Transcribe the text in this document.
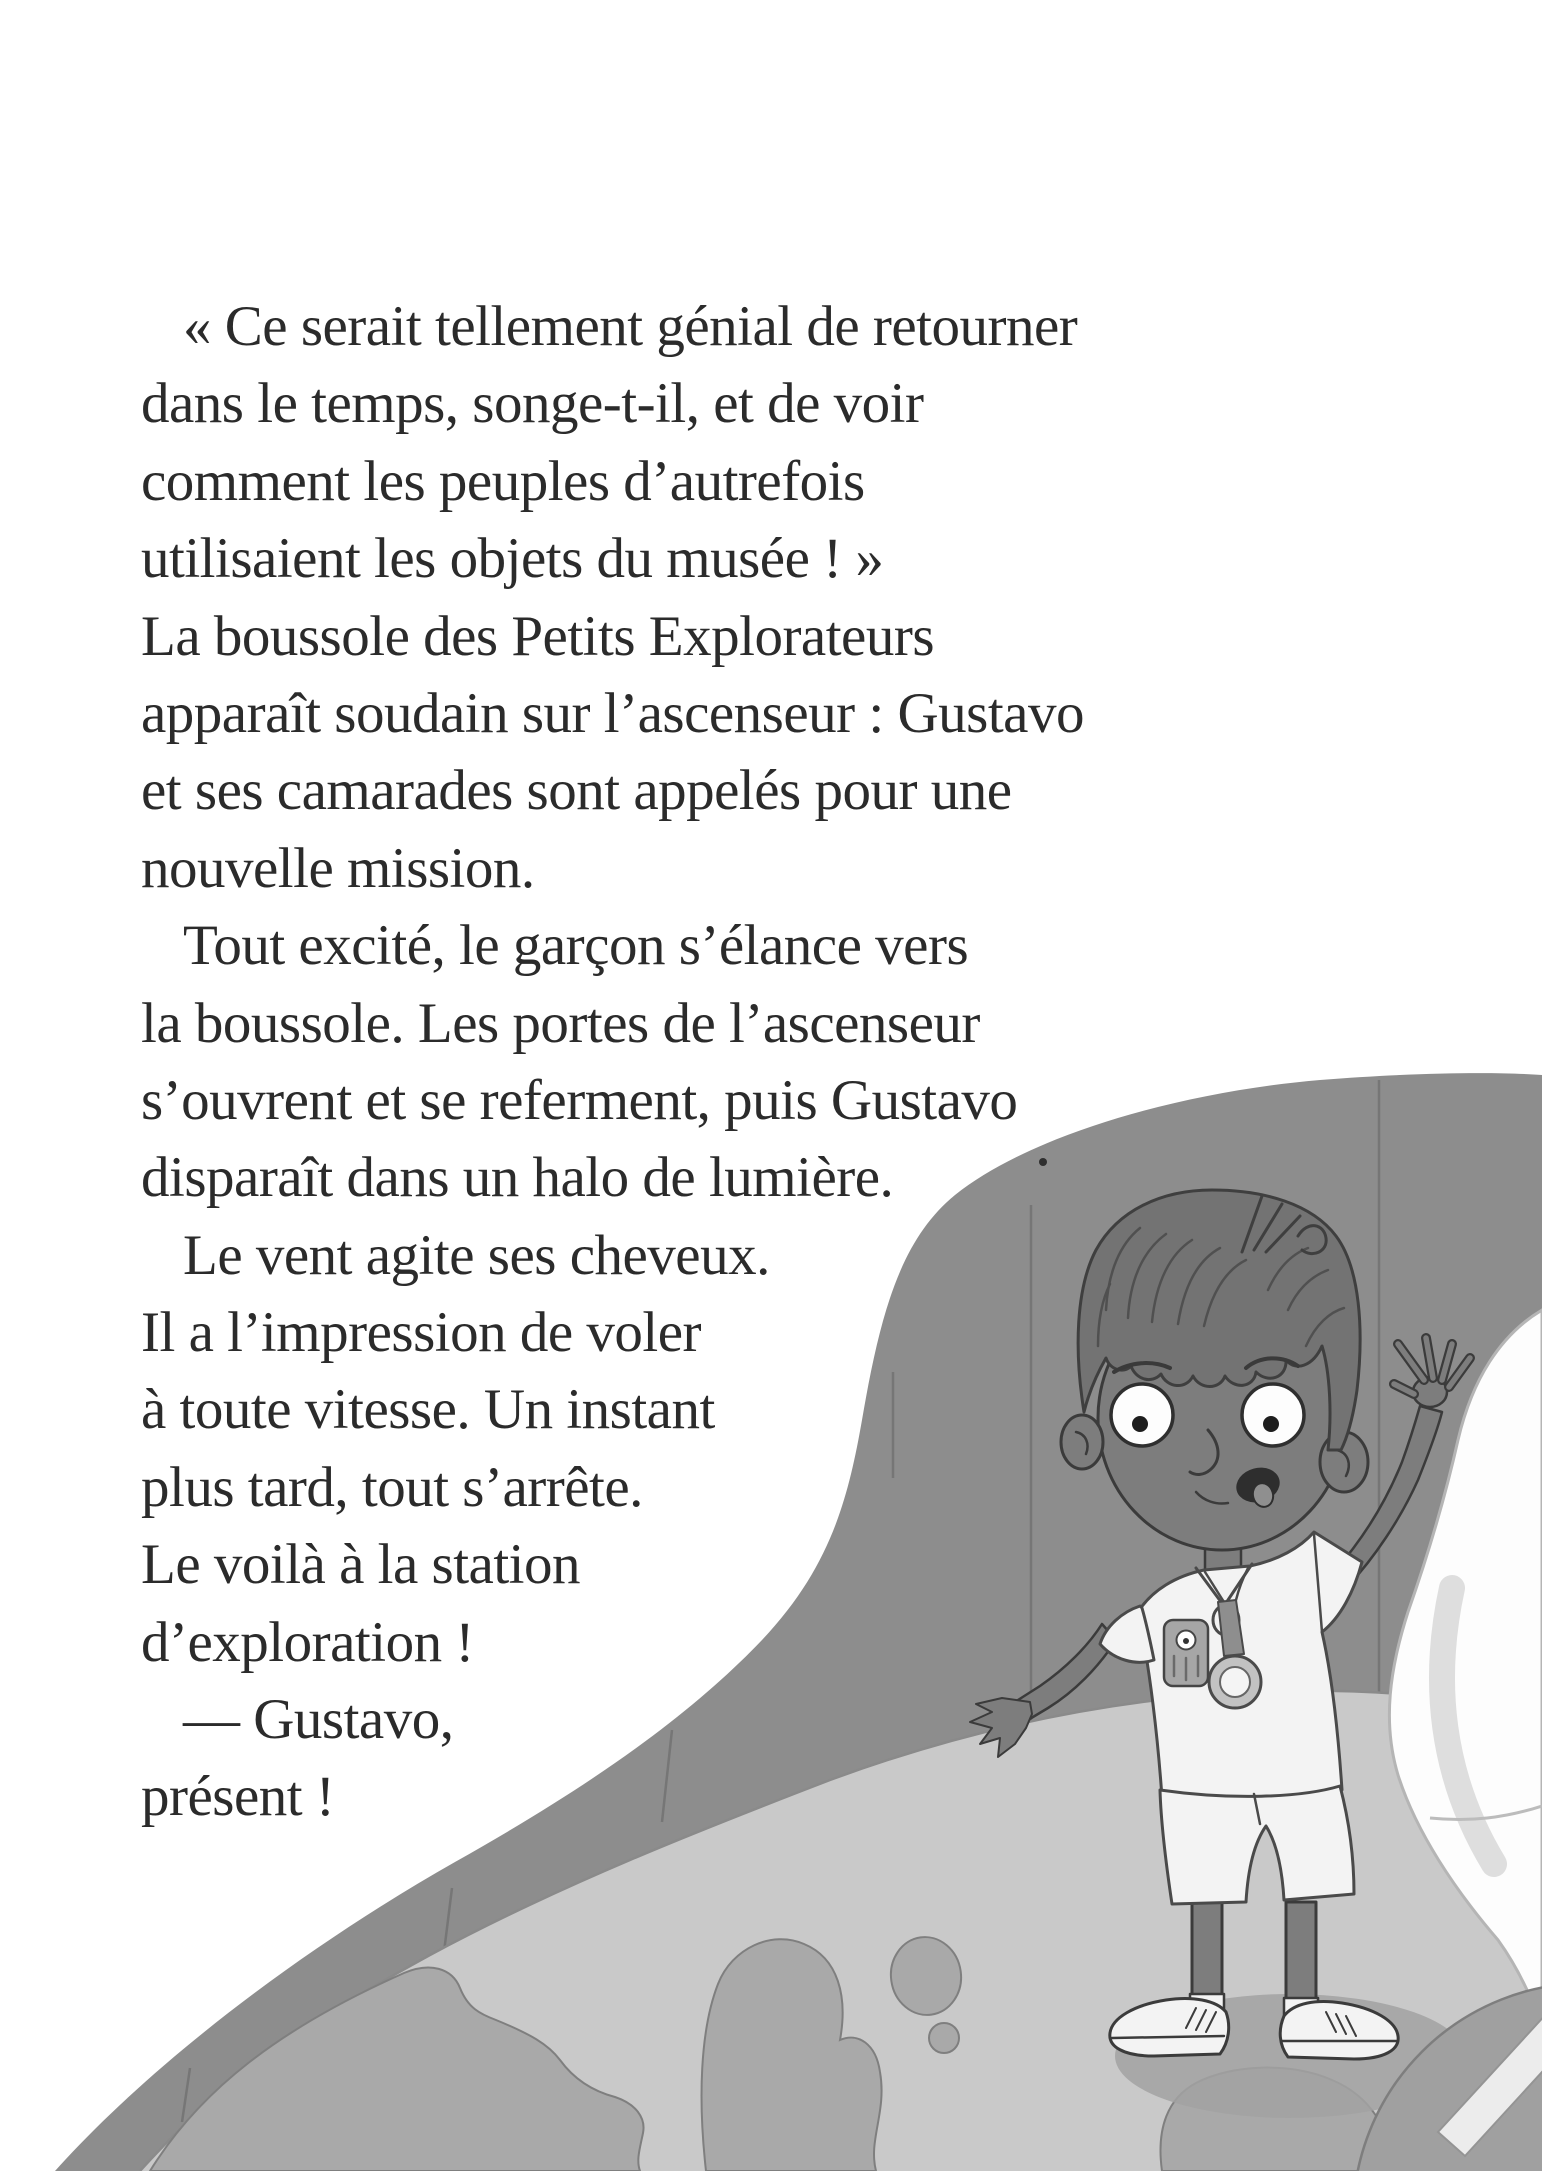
« Ce serait tellement génial de retourner
dans le temps, songe-t-il, et de voir
comment les peuples d’autrefois
utilisaient les objets du musée ! »
La boussole des Petits Explorateurs
apparaît soudain sur l’ascenseur : Gustavo
et ses camarades sont appelés pour une
nouvelle mission.
Tout excité, le garçon s’élance vers
la boussole. Les portes de l’ascenseur
s’ouvrent et se referment, puis Gustavo
disparaît dans un halo de lumière.
Le vent agite ses cheveux.
Il a l’impression de voler
à toute vitesse. Un instant
plus tard, tout s’arrête.
Le voilà à la station
d’exploration !
— Gustavo,
présent !
